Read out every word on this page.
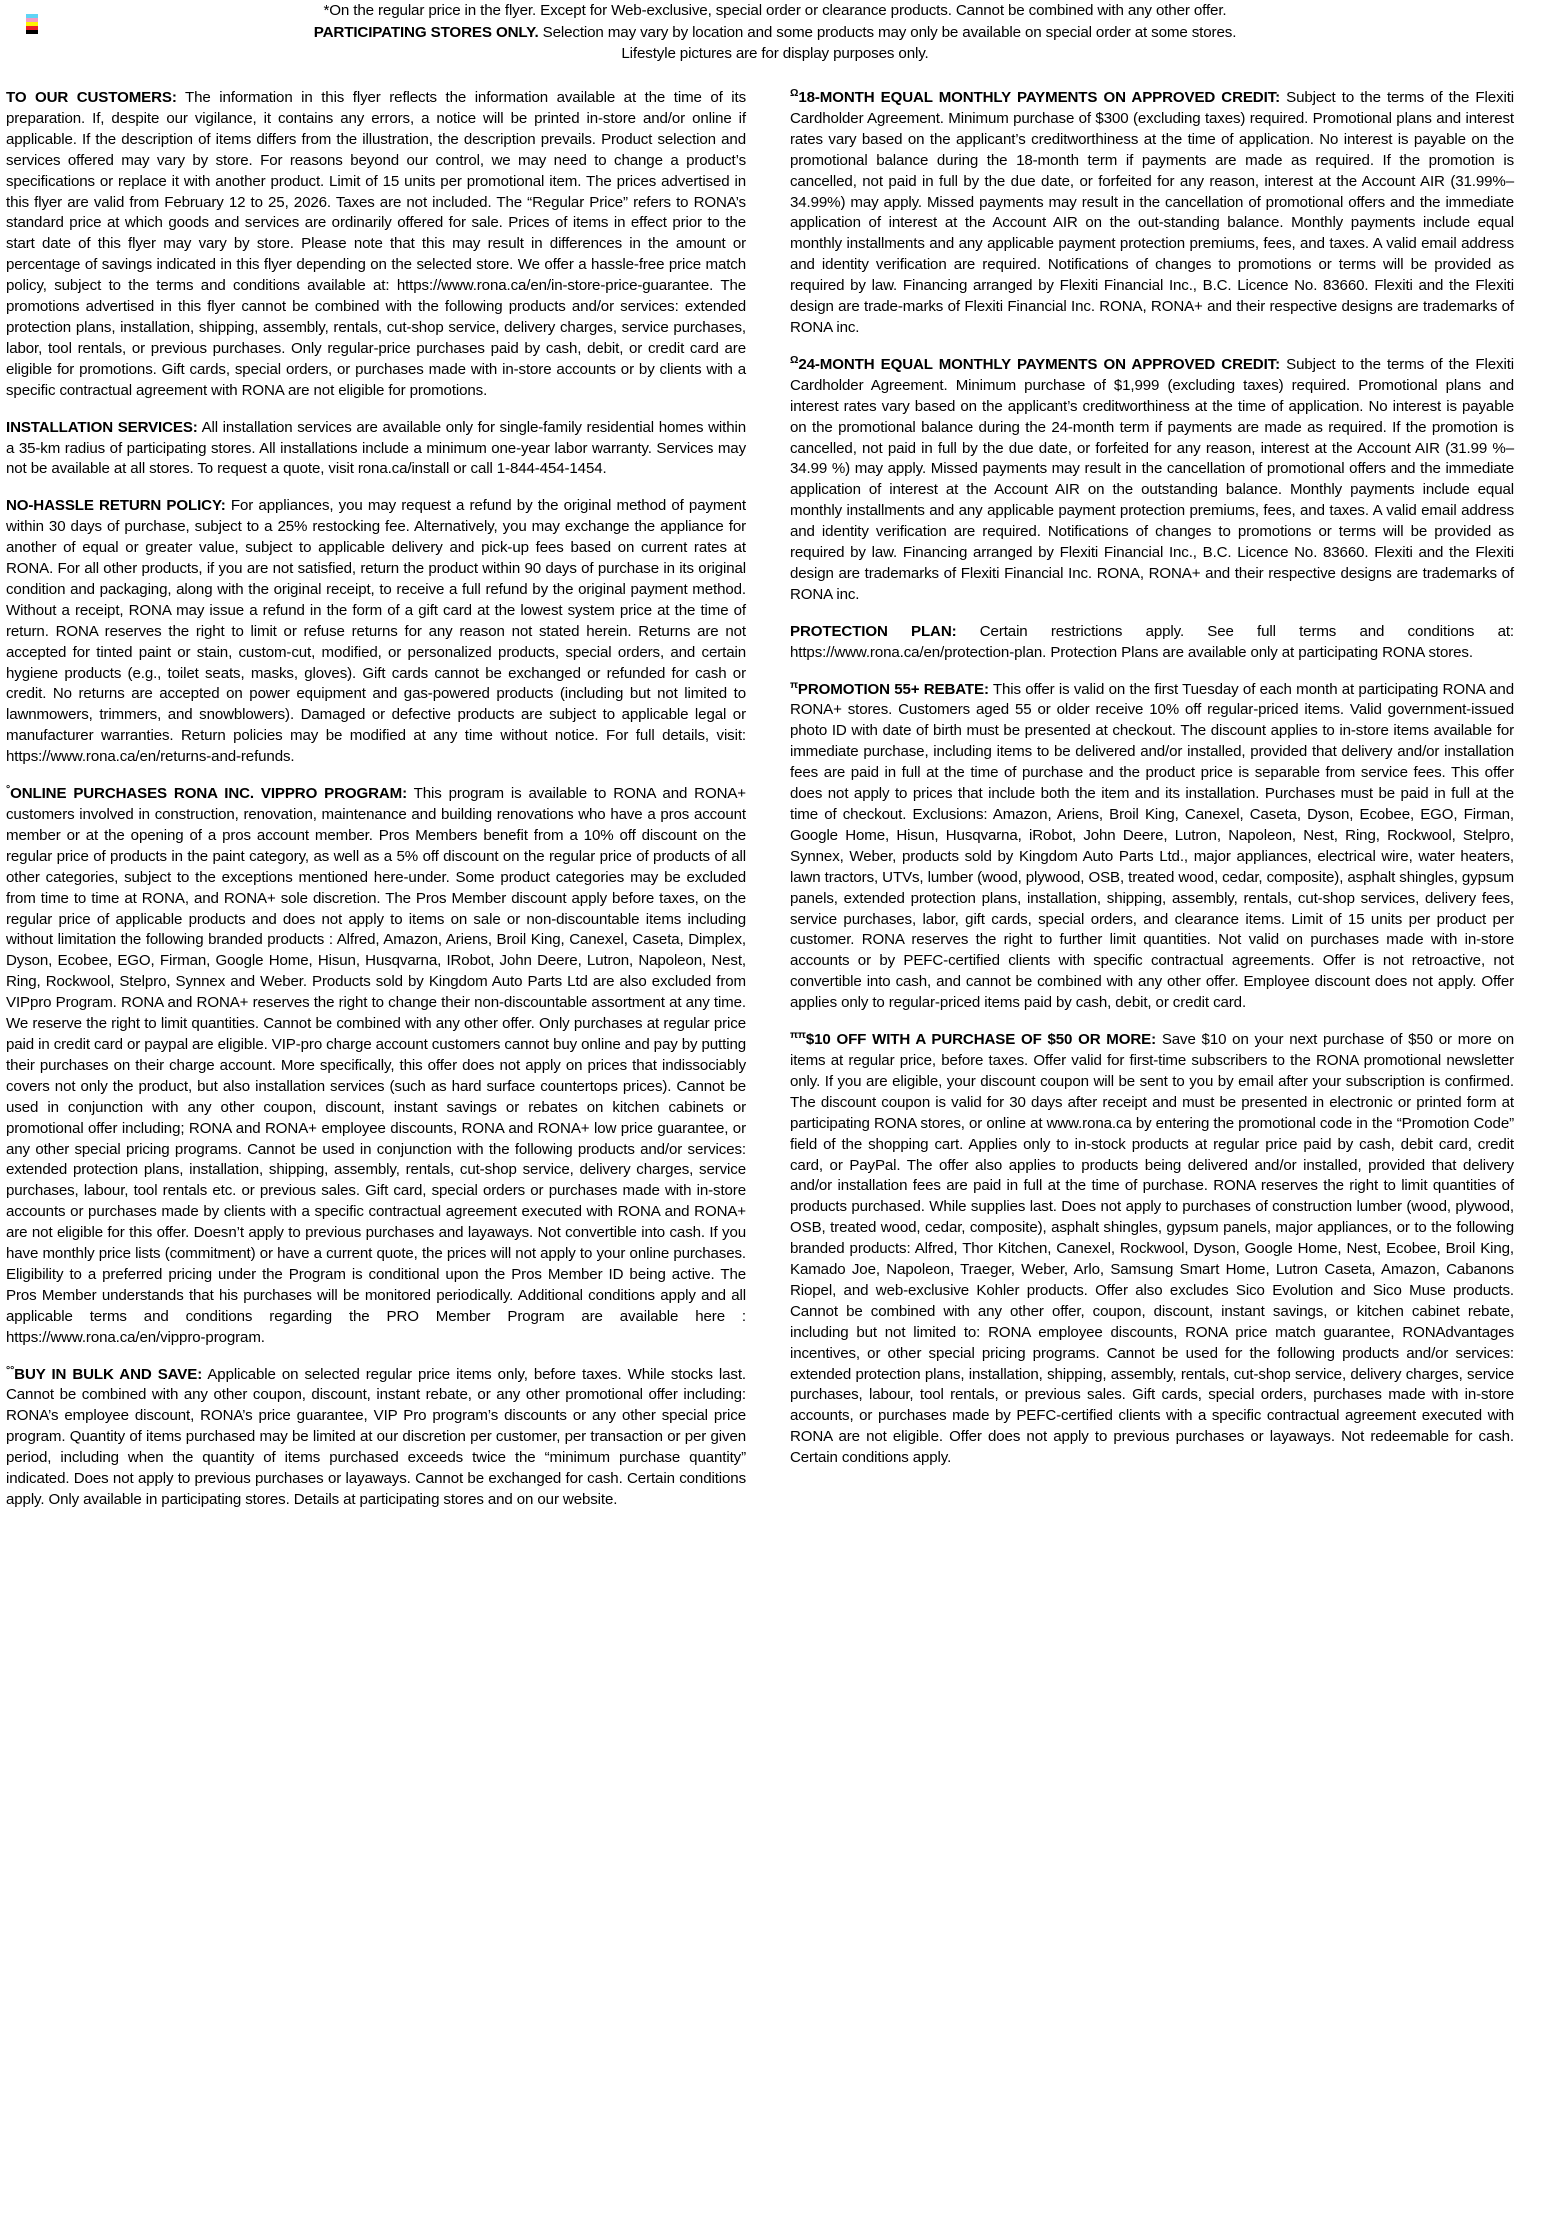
*On the regular price in the flyer. Except for Web-exclusive, special order or clearance products. Cannot be combined with any other offer.
PARTICIPATING STORES ONLY. Selection may vary by location and some products may only be available on special order at some stores.
Lifestyle pictures are for display purposes only.

TO OUR CUSTOMERS: The information in this flyer reflects the information available at the time of its preparation. If, despite our vigilance, it contains any errors, a notice will be printed in-store and/or online if applicable. If the description of items differs from the illustration, the description prevails. Product selection and services offered may vary by store. For reasons beyond our control, we may need to change a product’s specifications or replace it with another product. Limit of 15 units per promotional item. The prices advertised in this flyer are valid from February 12 to 25, 2026. Taxes are not included. The “Regular Price” refers to RONA’s standard price at which goods and services are ordinarily offered for sale. Prices of items in effect prior to the start date of this flyer may vary by store. Please note that this may result in differences in the amount or percentage of savings indicated in this flyer depending on the selected store. We offer a hassle-free price match policy, subject to the terms and conditions available at: https://www.rona.ca/en/in-store-price-guarantee. The promotions advertised in this flyer cannot be combined with the following products and/or services: extended protection plans, installation, shipping, assembly, rentals, cut-shop service, delivery charges, service purchases, labor, tool rentals, or previous purchases. Only regular-price purchases paid by cash, debit, or credit card are eligible for promotions. Gift cards, special orders, or purchases made with in-store accounts or by clients with a specific contractual agreement with RONA are not eligible for promotions.

INSTALLATION SERVICES: All installation services are available only for single-family residential homes within a 35-km radius of participating stores. All installations include a minimum one-year labor warranty. Services may not be available at all stores. To request a quote, visit rona.ca/install or call 1-844-454-1454.

NO-HASSLE RETURN POLICY: For appliances, you may request a refund by the original method of payment within 30 days of purchase, subject to a 25% restocking fee. Alternatively, you may exchange the appliance for another of equal or greater value, subject to applicable delivery and pick-up fees based on current rates at RONA. For all other products, if you are not satisfied, return the product within 90 days of purchase in its original condition and packaging, along with the original receipt, to receive a full refund by the original payment method. Without a receipt, RONA may issue a refund in the form of a gift card at the lowest system price at the time of return. RONA reserves the right to limit or refuse returns for any reason not stated herein. Returns are not accepted for tinted paint or stain, custom-cut, modified, or personalized products, special orders, and certain hygiene products (e.g., toilet seats, masks, gloves). Gift cards cannot be exchanged or refunded for cash or credit. No returns are accepted on power equipment and gas-powered products (including but not limited to lawnmowers, trimmers, and snowblowers). Damaged or defective products are subject to applicable legal or manufacturer warranties. Return policies may be modified at any time without notice. For full details, visit: https://www.rona.ca/en/returns-and-refunds.

°ONLINE PURCHASES RONA INC. VIPPRO PROGRAM: This program is available to RONA and RONA+ customers involved in construction, renovation, maintenance and building renovations who have a pros account member or at the opening of a pros account member. Pros Members benefit from a 10% off discount on the regular price of products in the paint category, as well as a 5% off discount on the regular price of products of all other categories, subject to the exceptions mentioned here-under. Some product categories may be excluded from time to time at RONA, and RONA+ sole discretion. The Pros Member discount apply before taxes, on the regular price of applicable products and does not apply to items on sale or non-discountable items including without limitation the following branded products : Alfred, Amazon, Ariens, Broil King, Canexel, Caseta, Dimplex, Dyson, Ecobee, EGO, Firman, Google Home, Hisun, Husqvarna, IRobot, John Deere, Lutron, Napoleon, Nest, Ring, Rockwool, Stelpro, Synnex and Weber. Products sold by Kingdom Auto Parts Ltd are also excluded from VIPpro Program. RONA and RONA+ reserves the right to change their non-discountable assortment at any time. We reserve the right to limit quantities. Cannot be combined with any other offer. Only purchases at regular price paid in credit card or paypal are eligible. VIP-pro charge account customers cannot buy online and pay by putting their purchases on their charge account. More specifically, this offer does not apply on prices that indissociably covers not only the product, but also installation services (such as hard surface countertops prices). Cannot be used in conjunction with any other coupon, discount, instant savings or rebates on kitchen cabinets or promotional offer including; RONA and RONA+ employee discounts, RONA and RONA+ low price guarantee, or any other special pricing programs. Cannot be used in conjunction with the following products and/or services: extended protection plans, installation, shipping, assembly, rentals, cut-shop service, delivery charges, service purchases, labour, tool rentals etc. or previous sales. Gift card, special orders or purchases made with in-store accounts or purchases made by clients with a specific contractual agreement executed with RONA and RONA+ are not eligible for this offer. Doesn’t apply to previous purchases and layaways. Not convertible into cash. If you have monthly price lists (commitment) or have a current quote, the prices will not apply to your online purchases. Eligibility to a preferred pricing under the Program is conditional upon the Pros Member ID being active. The Pros Member understands that his purchases will be monitored periodically. Additional conditions apply and all applicable terms and conditions regarding the PRO Member Program are available here : https://www.rona.ca/en/vippro-program.

°°BUY IN BULK AND SAVE: Applicable on selected regular price items only, before taxes. While stocks last. Cannot be combined with any other coupon, discount, instant rebate, or any other promotional offer including: RONA’s employee discount, RONA’s price guarantee, VIP Pro program’s discounts or any other special price program. Quantity of items purchased may be limited at our discretion per customer, per transaction or per given period, including when the quantity of items purchased exceeds twice the “minimum purchase quantity” indicated. Does not apply to previous purchases or layaways. Cannot be exchanged for cash. Certain conditions apply. Only available in participating stores. Details at participating stores and on our website.

$^\Omega$18-MONTH EQUAL MONTHLY PAYMENTS ON APPROVED CREDIT: Subject to the terms of the Flexiti Cardholder Agreement. Minimum purchase of $300 (excluding taxes) required. Promotional plans and interest rates vary based on the applicant’s creditworthiness at the time of application. No interest is payable on the promotional balance during the 18-month term if payments are made as required. If the promotion is cancelled, not paid in full by the due date, or forfeited for any reason, interest at the Account AIR (31.99%–34.99%) may apply. Missed payments may result in the cancellation of promotional offers and the immediate application of interest at the Account AIR on the out-standing balance. Monthly payments include equal monthly installments and any applicable payment protection premiums, fees, and taxes. A valid email address and identity verification are required. Notifications of changes to promotions or terms will be provided as required by law. Financing arranged by Flexiti Financial Inc., B.C. Licence No. 83660. Flexiti and the Flexiti design are trade-marks of Flexiti Financial Inc. RONA, RONA+ and their respective designs are trademarks of RONA inc.

$^\Omega$24-MONTH EQUAL MONTHLY PAYMENTS ON APPROVED CREDIT: Subject to the terms of the Flexiti Cardholder Agreement. Minimum purchase of $1,999 (excluding taxes) required. Promotional plans and interest rates vary based on the applicant’s creditworthiness at the time of application. No interest is payable on the promotional balance during the 24-month term if payments are made as required. If the promotion is cancelled, not paid in full by the due date, or forfeited for any reason, interest at the Account AIR (31.99 %–34.99 %) may apply. Missed payments may result in the cancellation of promotional offers and the immediate application of interest at the Account AIR on the outstanding balance. Monthly payments include equal monthly installments and any applicable payment protection premiums, fees, and taxes. A valid email address and identity verification are required. Notifications of changes to promotions or terms will be provided as required by law. Financing arranged by Flexiti Financial Inc., B.C. Licence No. 83660. Flexiti and the Flexiti design are trademarks of Flexiti Financial Inc. RONA, RONA+ and their respective designs are trademarks of RONA inc.

PROTECTION PLAN: Certain restrictions apply. See full terms and conditions at: https://www.rona.ca/en/protection-plan. Protection Plans are available only at participating RONA stores.

$^\pi$PROMOTION 55+ REBATE: This offer is valid on the first Tuesday of each month at participating RONA and RONA+ stores. Customers aged 55 or older receive 10% off regular-priced items. Valid government-issued photo ID with date of birth must be presented at checkout. The discount applies to in-store items available for immediate purchase, including items to be delivered and/or installed, provided that delivery and/or installation fees are paid in full at the time of purchase and the product price is separable from service fees. This offer does not apply to prices that include both the item and its installation. Purchases must be paid in full at the time of checkout. Exclusions: Amazon, Ariens, Broil King, Canexel, Caseta, Dyson, Ecobee, EGO, Firman, Google Home, Hisun, Husqvarna, iRobot, John Deere, Lutron, Napoleon, Nest, Ring, Rockwool, Stelpro, Synnex, Weber, products sold by Kingdom Auto Parts Ltd., major appliances, electrical wire, water heaters, lawn tractors, UTVs, lumber (wood, plywood, OSB, treated wood, cedar, composite), asphalt shingles, gypsum panels, extended protection plans, installation, shipping, assembly, rentals, cut-shop services, delivery fees, service purchases, labor, gift cards, special orders, and clearance items. Limit of 15 units per product per customer. RONA reserves the right to further limit quantities. Not valid on purchases made with in-store accounts or by PEFC-certified clients with specific contractual agreements. Offer is not retroactive, not convertible into cash, and cannot be combined with any other offer. Employee discount does not apply. Offer applies only to regular-priced items paid by cash, debit, or credit card.

$^{\pi\pi}$\$10 OFF WITH A PURCHASE OF $50 OR MORE: Save $10 on your next purchase of $50 or more on items at regular price, before taxes. Offer valid for first-time subscribers to the RONA promotional newsletter only. If you are eligible, your discount coupon will be sent to you by email after your subscription is confirmed. The discount coupon is valid for 30 days after receipt and must be presented in electronic or printed form at participating RONA stores, or online at www.rona.ca by entering the promotional code in the “Promotion Code” field of the shopping cart. Applies only to in-stock products at regular price paid by cash, debit card, credit card, or PayPal. The offer also applies to products being delivered and/or installed, provided that delivery and/or installation fees are paid in full at the time of purchase. RONA reserves the right to limit quantities of products purchased. While supplies last. Does not apply to purchases of construction lumber (wood, plywood, OSB, treated wood, cedar, composite), asphalt shingles, gypsum panels, major appliances, or to the following branded products: Alfred, Thor Kitchen, Canexel, Rockwool, Dyson, Google Home, Nest, Ecobee, Broil King, Kamado Joe, Napoleon, Traeger, Weber, Arlo, Samsung Smart Home, Lutron Caseta, Amazon, Cabanons Riopel, and web-exclusive Kohler products. Offer also excludes Sico Evolution and Sico Muse products. Cannot be combined with any other offer, coupon, discount, instant savings, or kitchen cabinet rebate, including but not limited to: RONA employee discounts, RONA price match guarantee, RONAdvantages incentives, or other special pricing programs. Cannot be used for the following products and/or services: extended protection plans, installation, shipping, assembly, rentals, cut-shop service, delivery charges, service purchases, labour, tool rentals, or previous sales. Gift cards, special orders, purchases made with in-store accounts, or purchases made by PEFC-certified clients with a specific contractual agreement executed with RONA are not eligible. Offer does not apply to previous purchases or layaways. Not redeemable for cash. Certain conditions apply.
